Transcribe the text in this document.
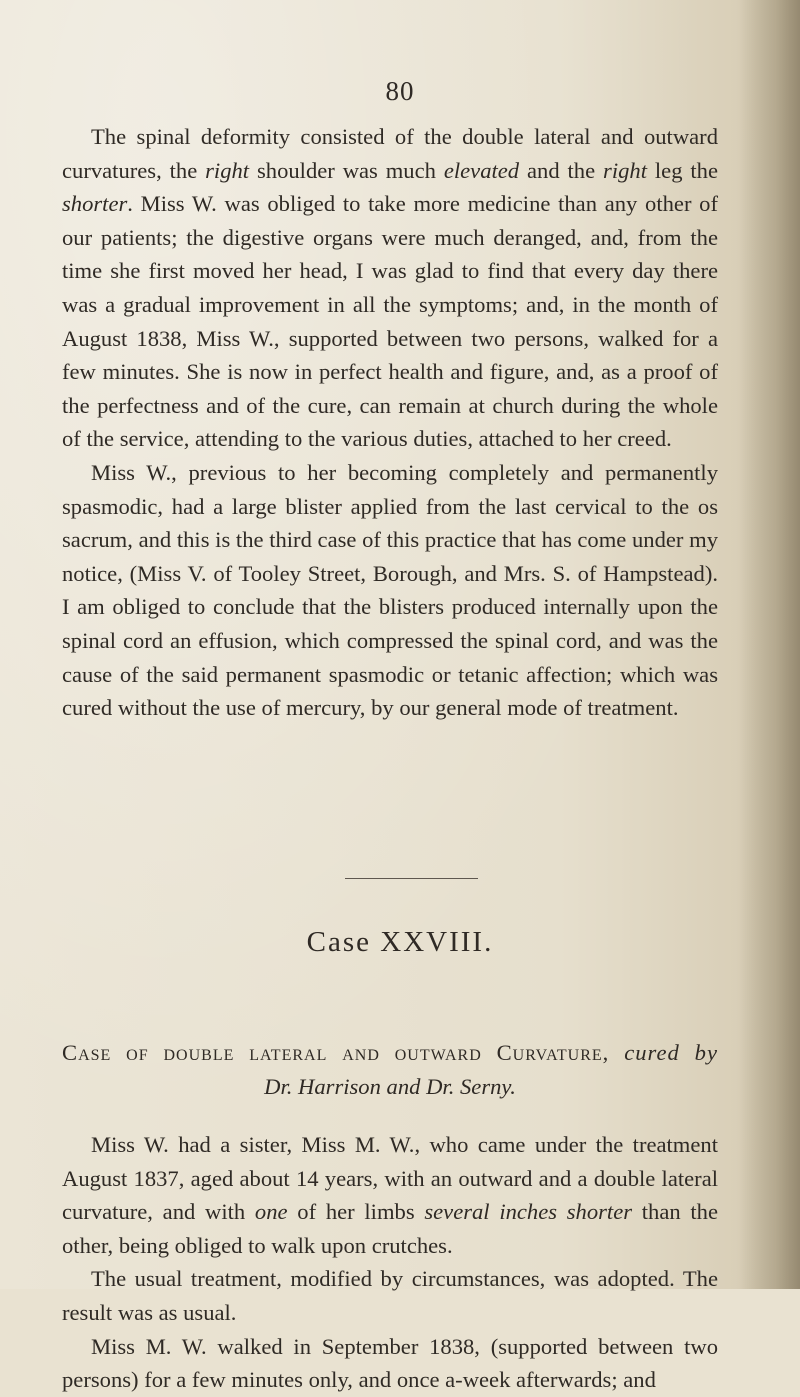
80

The spinal deformity consisted of the double lateral and outward curvatures, the right shoulder was much elevated and the right leg the shorter. Miss W. was obliged to take more medicine than any other of our patients; the digestive organs were much deranged, and, from the time she first moved her head, I was glad to find that every day there was a gradual improvement in all the symptoms; and, in the month of August 1838, Miss W., supported between two persons, walked for a few minutes. She is now in perfect health and figure, and, as a proof of the perfectness and of the cure, can remain at church during the whole of the service, attending to the various duties, attached to her creed.

Miss W., previous to her becoming completely and permanently spasmodic, had a large blister applied from the last cervical to the os sacrum, and this is the third case of this practice that has come under my notice, (Miss V. of Tooley Street, Borough, and Mrs. S. of Hampstead). I am obliged to conclude that the blisters produced internally upon the spinal cord an effusion, which compressed the spinal cord, and was the cause of the said permanent spasmodic or tetanic affection; which was cured without the use of mercury, by our general mode of treatment.

Case XXVIII.
Case of double lateral and outward Curvature, cured by
Dr. Harrison and Dr. Serny.

Miss W. had a sister, Miss M. W., who came under the treatment August 1837, aged about 14 years, with an outward and a double lateral curvature, and with one of her limbs several inches shorter than the other, being obliged to walk upon crutches.

The usual treatment, modified by circumstances, was adopted. The result was as usual.

Miss M. W. walked in September 1838, (supported between two persons) for a few minutes only, and once a-week afterwards; and
